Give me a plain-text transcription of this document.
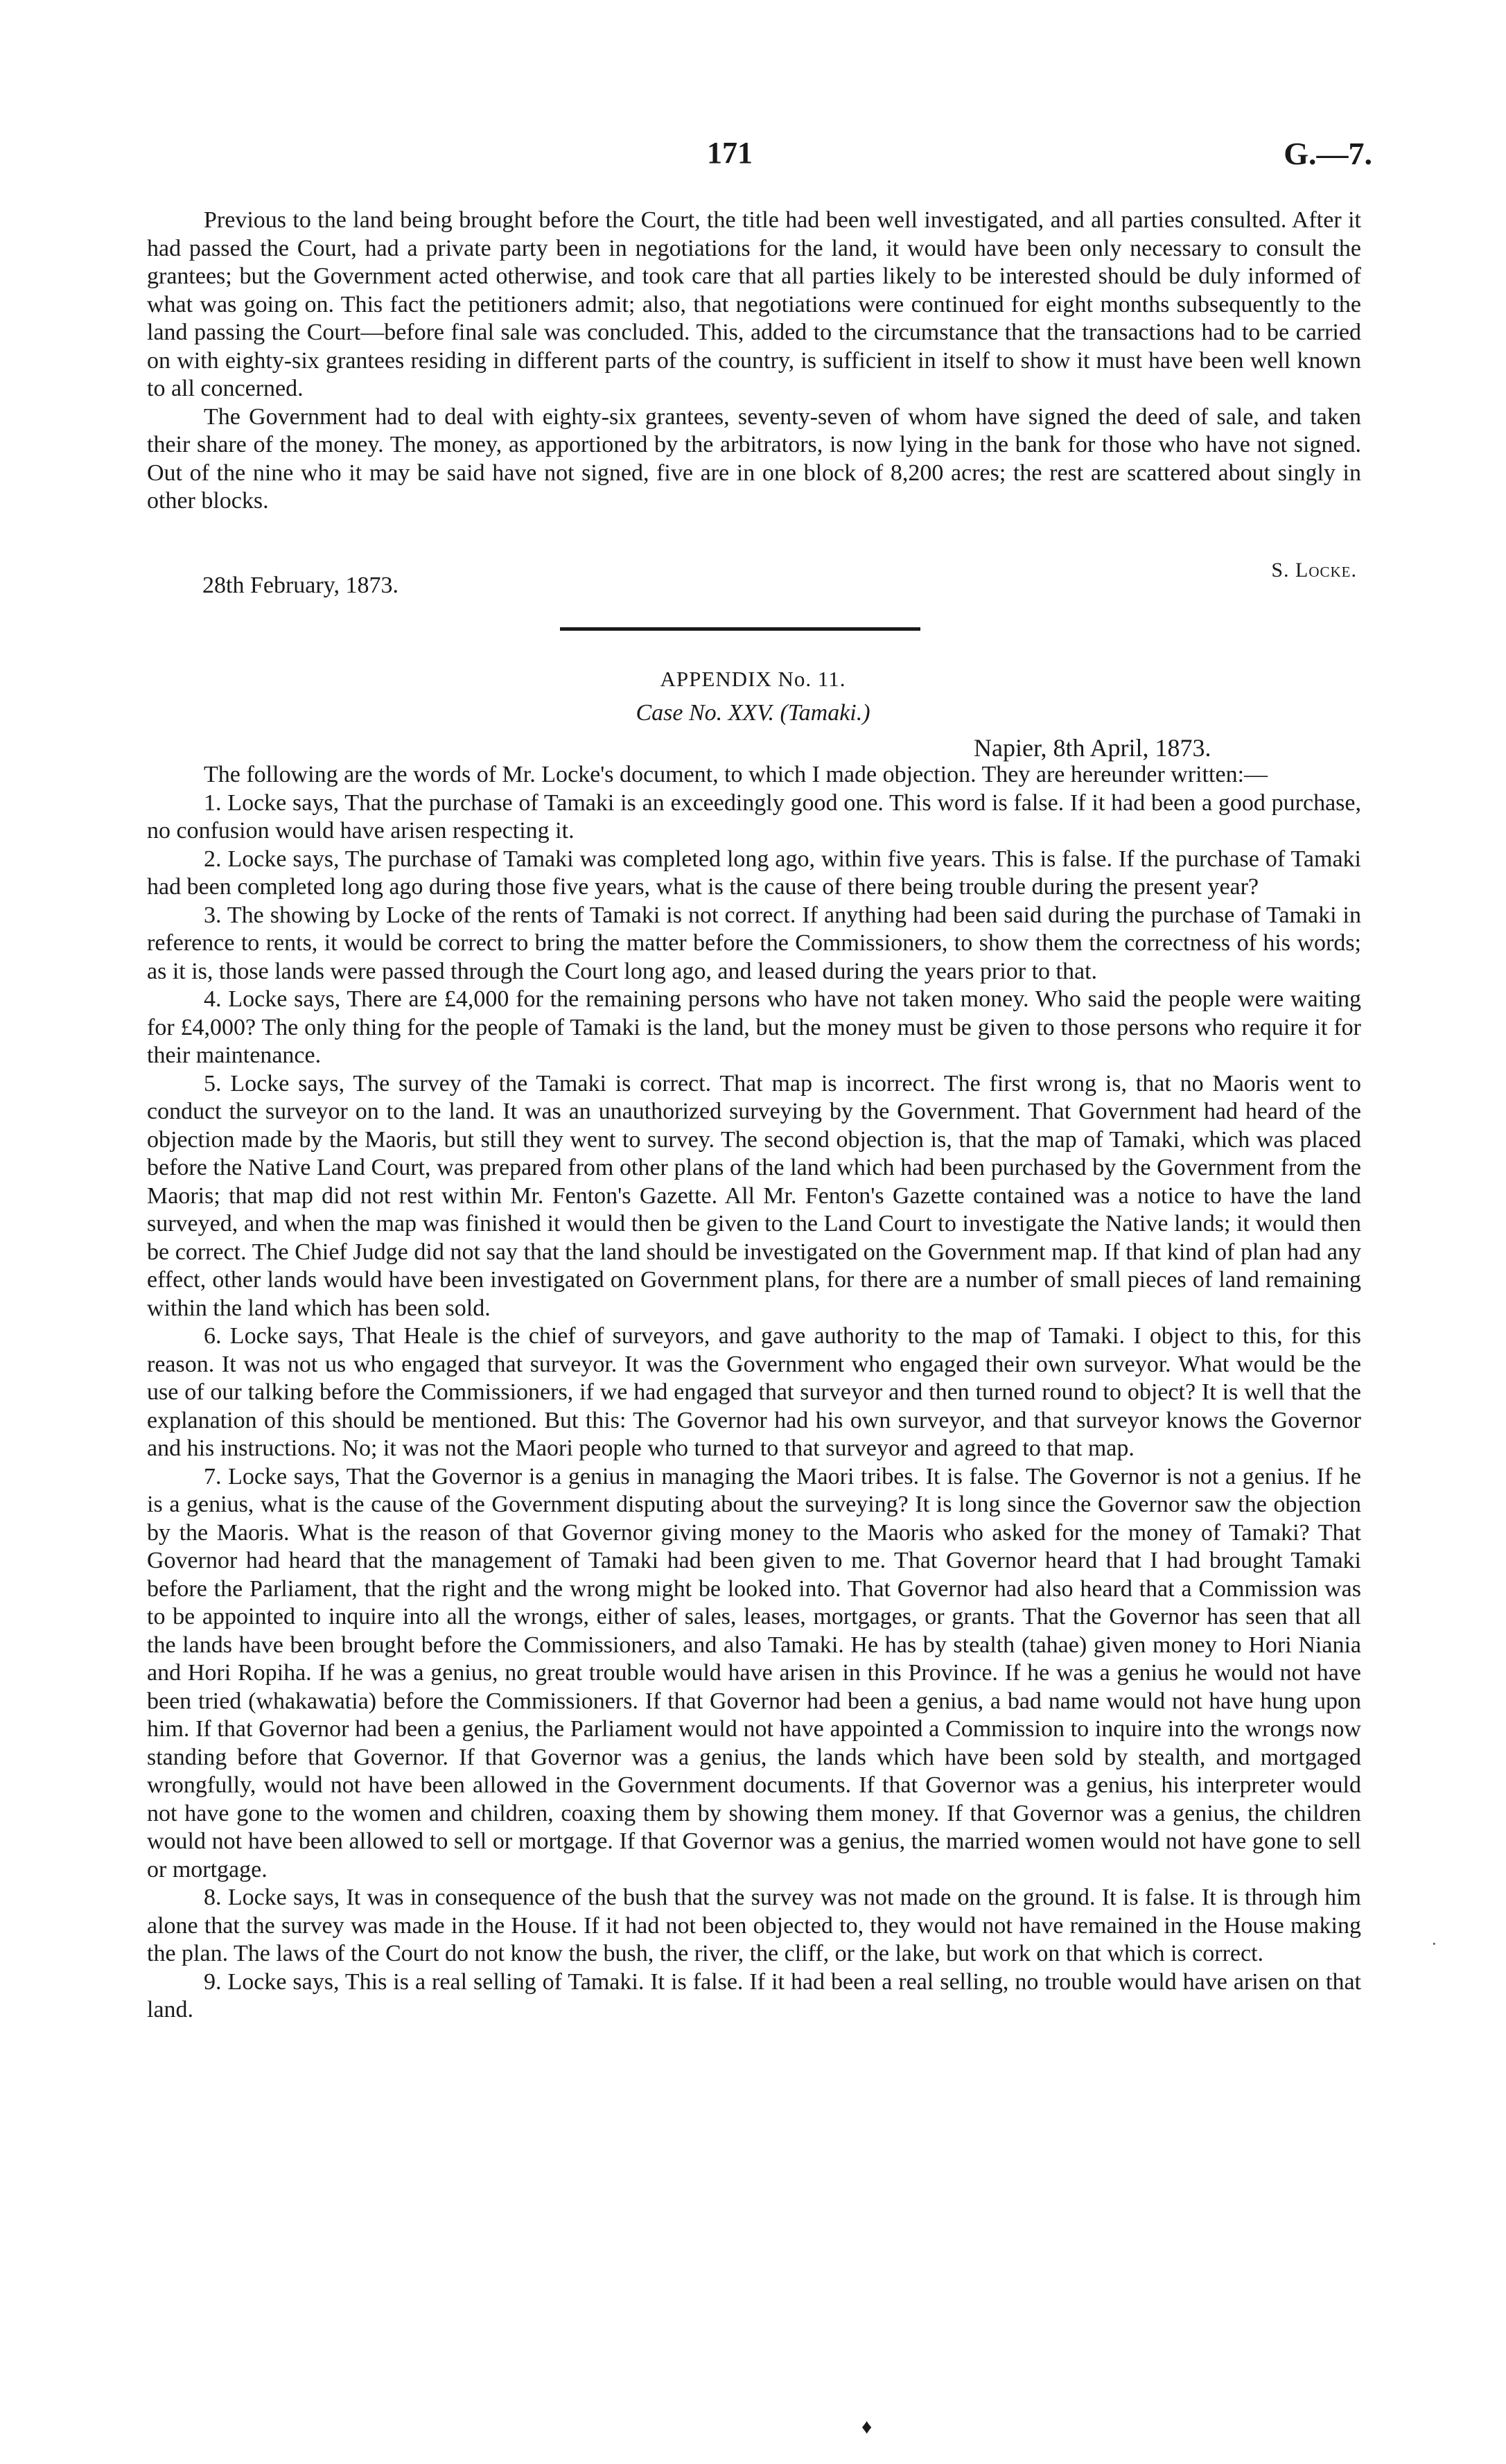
171	G.—7.

Previous to the land being brought before the Court, the title had been well investigated, and all parties consulted. After it had passed the Court, had a private party been in negotiations for the land, it would have been only necessary to consult the grantees; but the Government acted otherwise, and took care that all parties likely to be interested should be duly informed of what was going on. This fact the petitioners admit; also, that negotiations were continued for eight months subsequently to the land passing the Court—before final sale was concluded. This, added to the circumstance that the transactions had to be carried on with eighty-six grantees residing in different parts of the country, is sufficient in itself to show it must have been well known to all concerned.

The Government had to deal with eighty-six grantees, seventy-seven of whom have signed the deed of sale, and taken their share of the money. The money, as apportioned by the arbitrators, is now lying in the bank for those who have not signed. Out of the nine who it may be said have not signed, five are in one block of 8,200 acres; the rest are scattered about singly in other blocks.

S. Locke.
28th February, 1873.
APPENDIX No. 11.
Case No. XXV. (Tamaki.)
Napier, 8th April, 1873.

The following are the words of Mr. Locke's document, to which I made objection. They are hereunder written:—

1. Locke says, That the purchase of Tamaki is an exceedingly good one. This word is false. If it had been a good purchase, no confusion would have arisen respecting it.

2. Locke says, The purchase of Tamaki was completed long ago, within five years. This is false. If the purchase of Tamaki had been completed long ago during those five years, what is the cause of there being trouble during the present year?

3. The showing by Locke of the rents of Tamaki is not correct. If anything had been said during the purchase of Tamaki in reference to rents, it would be correct to bring the matter before the Commissioners, to show them the correctness of his words; as it is, those lands were passed through the Court long ago, and leased during the years prior to that.

4. Locke says, There are £4,000 for the remaining persons who have not taken money. Who said the people were waiting for £4,000? The only thing for the people of Tamaki is the land, but the money must be given to those persons who require it for their maintenance.

5. Locke says, The survey of the Tamaki is correct. That map is incorrect. The first wrong is, that no Maoris went to conduct the surveyor on to the land. It was an unauthorized surveying by the Government. That Government had heard of the objection made by the Maoris, but still they went to survey. The second objection is, that the map of Tamaki, which was placed before the Native Land Court, was prepared from other plans of the land which had been purchased by the Government from the Maoris; that map did not rest within Mr. Fenton's Gazette. All Mr. Fenton's Gazette contained was a notice to have the land surveyed, and when the map was finished it would then be given to the Land Court to investigate the Native lands; it would then be correct. The Chief Judge did not say that the land should be investigated on the Government map. If that kind of plan had any effect, other lands would have been investigated on Government plans, for there are a number of small pieces of land remaining within the land which has been sold.

6. Locke says, That Heale is the chief of surveyors, and gave authority to the map of Tamaki. I object to this, for this reason. It was not us who engaged that surveyor. It was the Government who engaged their own surveyor. What would be the use of our talking before the Commissioners, if we had engaged that surveyor and then turned round to object? It is well that the explanation of this should be mentioned. But this: The Governor had his own surveyor, and that surveyor knows the Governor and his instructions. No; it was not the Maori people who turned to that surveyor and agreed to that map.

7. Locke says, That the Governor is a genius in managing the Maori tribes. It is false. The Governor is not a genius. If he is a genius, what is the cause of the Government disputing about the surveying? It is long since the Governor saw the objection by the Maoris. What is the reason of that Governor giving money to the Maoris who asked for the money of Tamaki? That Governor had heard that the management of Tamaki had been given to me. That Governor heard that I had brought Tamaki before the Parliament, that the right and the wrong might be looked into. That Governor had also heard that a Commission was to be appointed to inquire into all the wrongs, either of sales, leases, mortgages, or grants. That the Governor has seen that all the lands have been brought before the Commissioners, and also Tamaki. He has by stealth (tahae) given money to Hori Niania and Hori Ropiha. If he was a genius, no great trouble would have arisen in this Province. If he was a genius he would not have been tried (whakawatia) before the Commissioners. If that Governor had been a genius, a bad name would not have hung upon him. If that Governor had been a genius, the Parliament would not have appointed a Commission to inquire into the wrongs now standing before that Governor. If that Governor was a genius, the lands which have been sold by stealth, and mortgaged wrongfully, would not have been allowed in the Government documents. If that Governor was a genius, his interpreter would not have gone to the women and children, coaxing them by showing them money. If that Governor was a genius, the children would not have been allowed to sell or mortgage. If that Governor was a genius, the married women would not have gone to sell or mortgage.

8. Locke says, It was in consequence of the bush that the survey was not made on the ground. It is false. It is through him alone that the survey was made in the House. If it had not been objected to, they would not have remained in the House making the plan. The laws of the Court do not know the bush, the river, the cliff, or the lake, but work on that which is correct.

9. Locke says, This is a real selling of Tamaki. It is false. If it had been a real selling, no trouble would have arisen on that land.

·
♦
